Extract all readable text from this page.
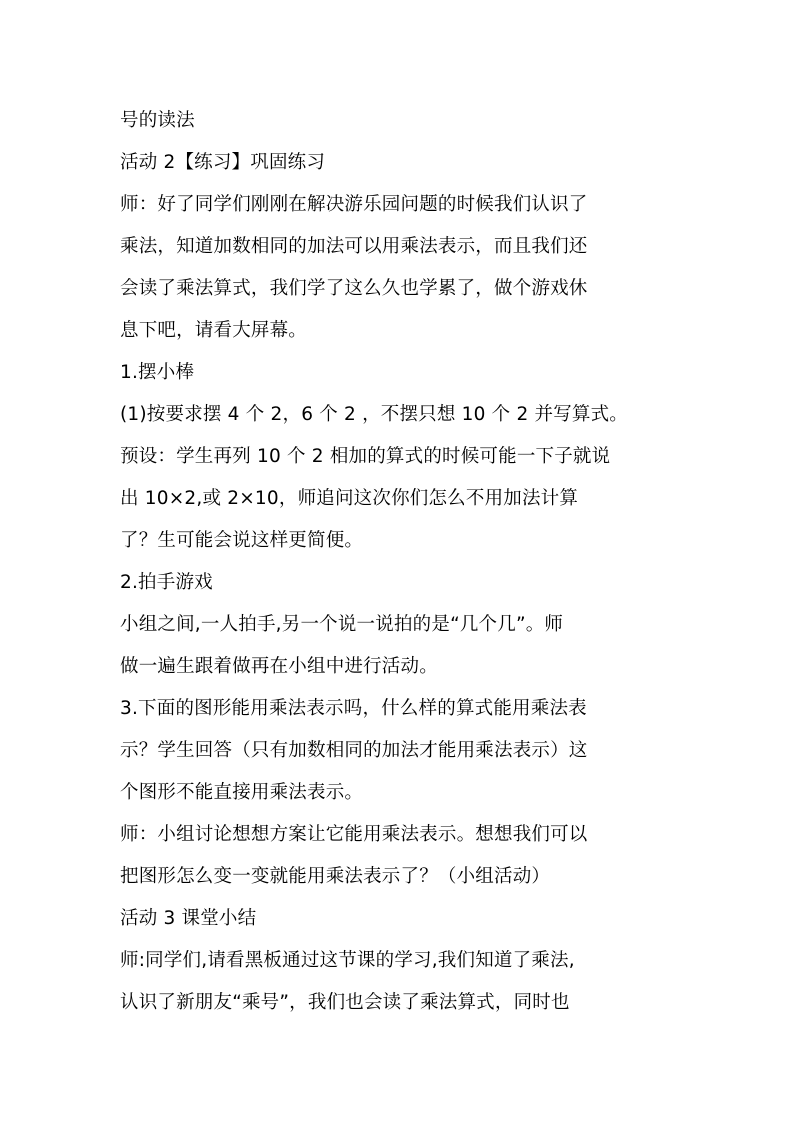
号的读法
活动 2【练习】巩固练习
师：好了同学们刚刚在解决游乐园问题的时候我们认识了
乘法，知道加数相同的加法可以用乘法表示，而且我们还
会读了乘法算式，我们学了这么久也学累了，做个游戏休
息下吧，请看大屏幕。
1.摆小棒
(1)按要求摆 4 个 2，6 个 2 ，不摆只想 10 个 2 并写算式。
预设：学生再列 10 个 2 相加的算式的时候可能一下子就说
出 10×2,或 2×10，师追问这次你们怎么不用加法计算
了？生可能会说这样更简便。
2.拍手游戏
小组之间,一人拍手,另一个说一说拍的是“几个几”。师
做一遍生跟着做再在小组中进行活动。
3.下面的图形能用乘法表示吗，什么样的算式能用乘法表
示？学生回答（只有加数相同的加法才能用乘法表示）这
个图形不能直接用乘法表示。
师：小组讨论想想方案让它能用乘法表示。想想我们可以
把图形怎么变一变就能用乘法表示了？（小组活动）
活动 3 课堂小结
师:同学们,请看黑板通过这节课的学习,我们知道了乘法,
认识了新朋友“乘号”，我们也会读了乘法算式，同时也
